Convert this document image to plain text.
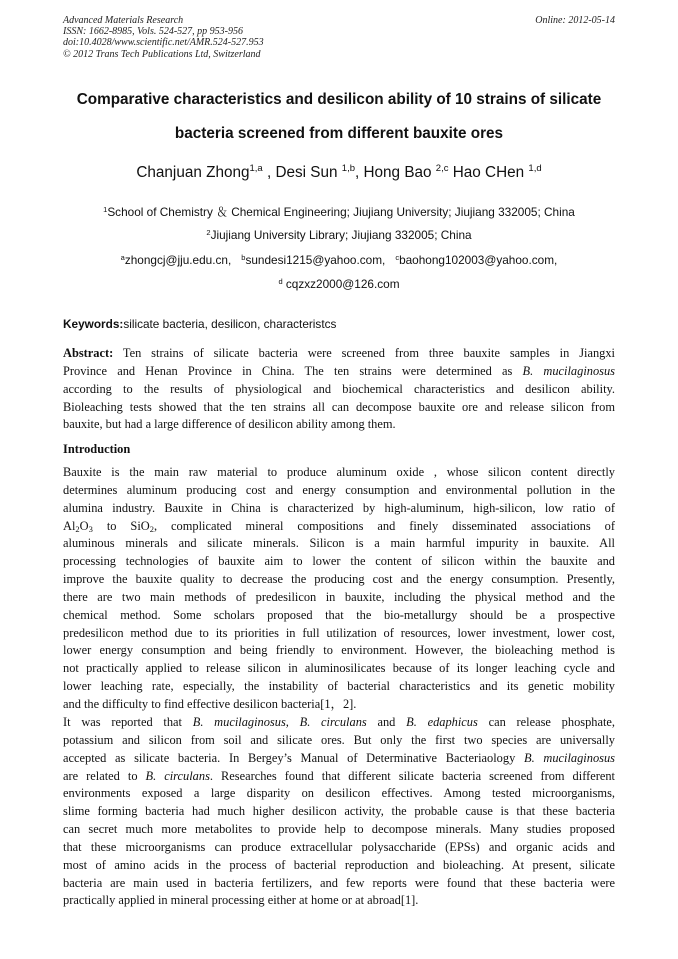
Advanced Materials Research
ISSN: 1662-8985, Vols. 524-527, pp 953-956
doi:10.4028/www.scientific.net/AMR.524-527.953
© 2012 Trans Tech Publications Ltd, Switzerland
Online: 2012-05-14
Comparative characteristics and desilicon ability of 10 strains of silicate
bacteria screened from different bauxite ores
Chanjuan Zhong$^{1,a}$ , Desi Sun $^{1,b}$, Hong Bao $^{2,c}$ Hao CHen $^{1,d}$
$^1$School of Chemistry ＆ Chemical Engineering; Jiujiang University; Jiujiang 332005; China
$^2$Jiujiang University Library; Jiujiang 332005; China
$^a$zhongcj@jju.edu.cn, $^b$sundesi1215@yahoo.com, $^c$baohong102003@yahoo.com,
$^d$ cqzxz2000@126.com
Keywords:silicate bacteria, desilicon, characteristcs
Abstract: Ten strains of silicate bacteria were screened from three bauxite samples in Jiangxi
Province and Henan Province in China. The ten strains were determined as B. mucilaginosus
according to the results of physiological and biochemical characteristics and desilicon ability.
Bioleaching tests showed that the ten strains all can decompose bauxite ore and release silicon from
bauxite, but had a large difference of desilicon ability among them.
Introduction
Bauxite is the main raw material to produce aluminum oxide , whose silicon content directly
determines aluminum producing cost and energy consumption and environmental pollution in the
alumina industry. Bauxite in China is characterized by high-aluminum, high-silicon, low ratio of
$Al_2O_3$ to SiO$_2$, complicated mineral compositions and finely disseminated associations of
aluminous minerals and silicate minerals. Silicon is a main harmful impurity in bauxite. All
processing technologies of bauxite aim to lower the content of silicon within the bauxite and
improve the bauxite quality to decrease the producing cost and the energy consumption. Presently,
there are two main methods of predesilicon in bauxite, including the physical method and the
chemical method. Some scholars proposed that the bio-metallurgy should be a prospective
predesilicon method due to its priorities in full utilization of resources, lower investment, lower cost,
lower energy consumption and being friendly to environment. However, the bioleaching method is
not practically applied to release silicon in aluminosilicates because of its longer leaching cycle and
lower leaching rate, especially, the instability of bacterial characteristics and its genetic mobility
and the difficulty to find effective desilicon bacteria[1，2].
It was reported that B. mucilaginosus, B. circulans and B. edaphicus can release phosphate,
potassium and silicon from soil and silicate ores. But only the first two species are universally
accepted as silicate bacteria. In Bergey’s Manual of Determinative Bacteriaology B. mucilaginosus
are related to B. circulans. Researches found that different silicate bacteria screened from different
environments exposed a large disparity on desilicon effectives. Among tested microorganisms,
slime forming bacteria had much higher desilicon activity, the probable cause is that these bacteria
can secret much more metabolites to provide help to decompose minerals. Many studies proposed
that these microorganisms can produce extracellular polysaccharide (EPSs) and organic acids and
most of amino acids in the process of bacterial reproduction and bioleaching. At present, silicate
bacteria are main used in bacteria fertilizers, and few reports were found that these bacteria were
practically applied in mineral processing either at home or at abroad[1].
